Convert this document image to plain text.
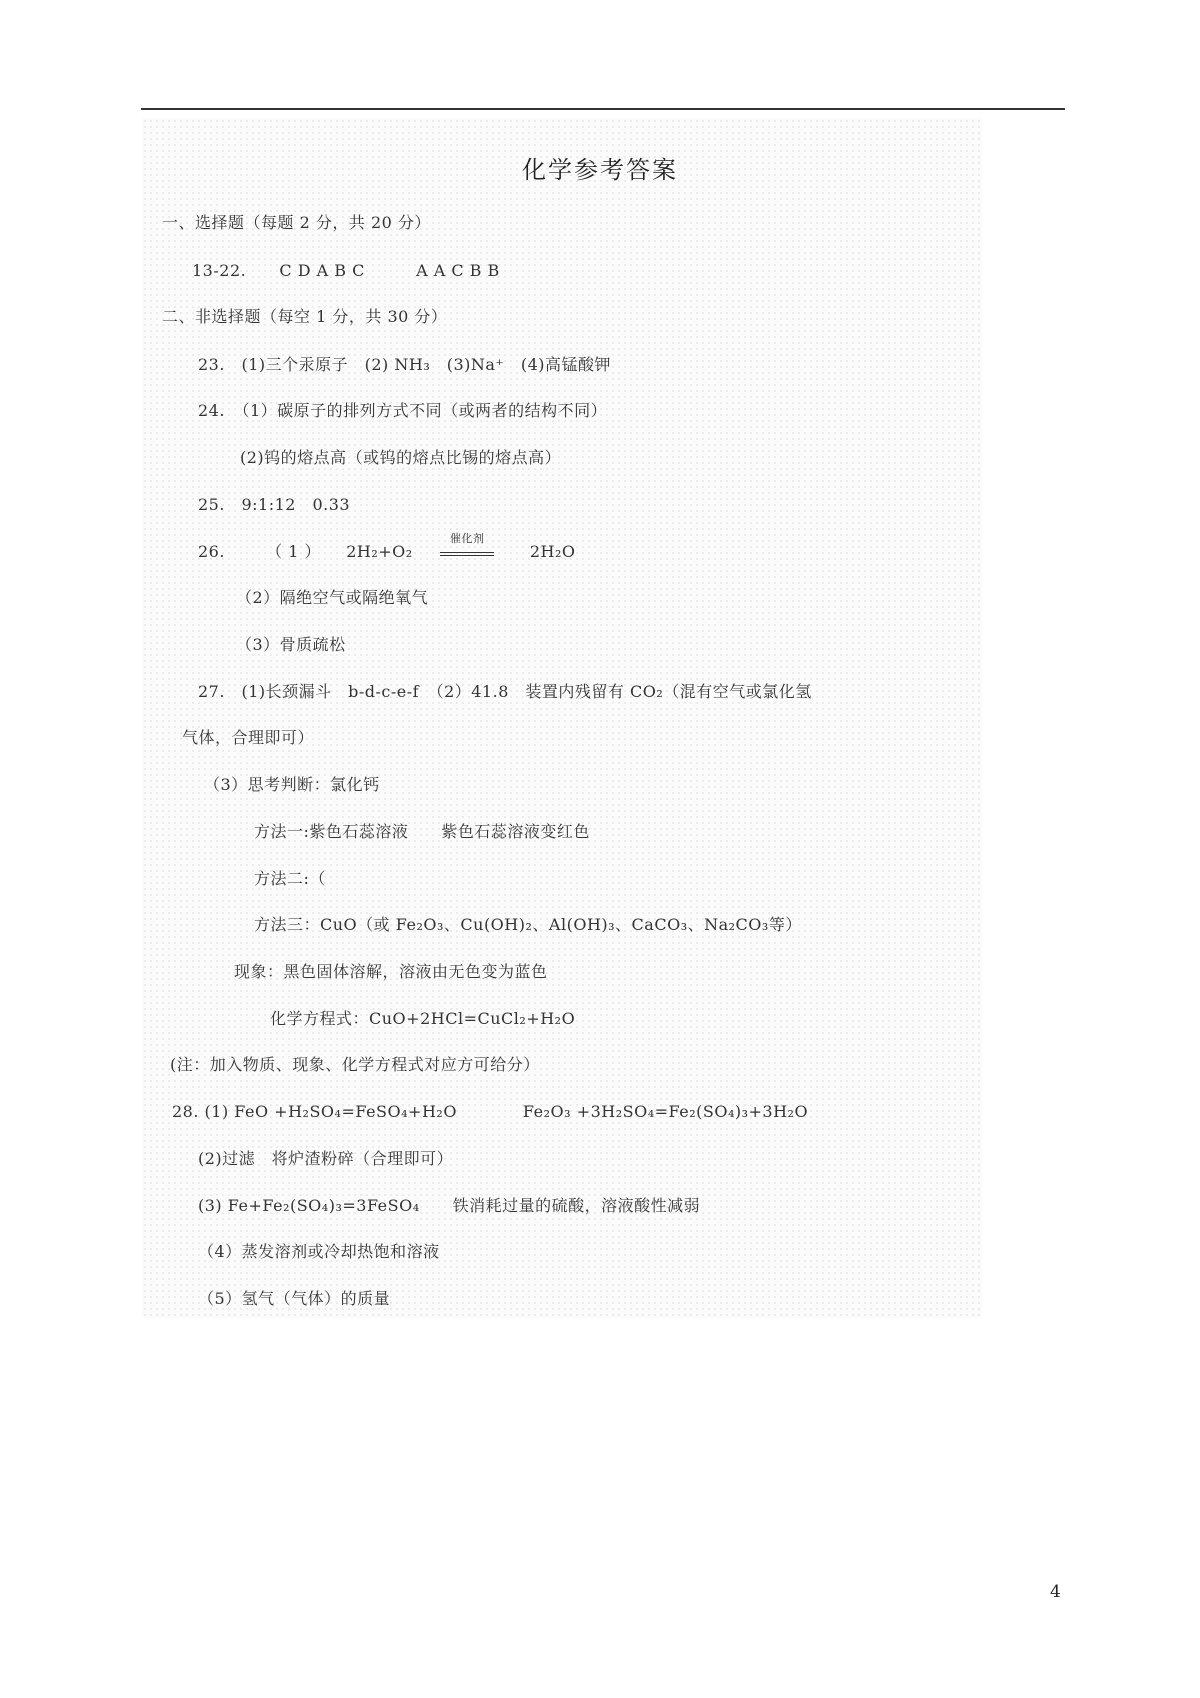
化学参考答案
一、选择题（每题 2 分，共 20 分）
13-22. C D A B C	A A C B B
二、非选择题（每空 1 分，共 30 分）
23.　(1)三个汞原子　(2) NH₃　(3)Na⁺　(4)高锰酸钾
24.　（1）碳原子的排列方式不同（或两者的结构不同）
(2)钨的熔点高（或钨的熔点比锡的熔点高）
25.　9:1:12　0.33
26.	（ 1 ） 2H₂+O₂
催化剂
2H₂O
（2）隔绝空气或隔绝氧气
（3）骨质疏松
27.　(1)长颈漏斗　b-d-c-e-f　（2）41.8　装置内残留有 CO₂（混有空气或氯化氢
气体，合理即可）
（3）思考判断：氯化钙
方法一:紫色石蕊溶液　　紫色石蕊溶液变红色
方法二:（
方法三：CuO（或 Fe₂O₃、Cu(OH)₂、Al(OH)₃、CaCO₃、Na₂CO₃等）
现象：黑色固体溶解，溶液由无色变为蓝色
化学方程式：CuO+2HCl=CuCl₂+H₂O
(注：加入物质、现象、化学方程式对应方可给分）
28. (1) FeO +H₂SO₄=FeSO₄+H₂O　　　　Fe₂O₃ +3H₂SO₄=Fe₂(SO₄)₃+3H₂O
(2)过滤　将炉渣粉碎（合理即可）
(3) Fe+Fe₂(SO₄)₃=3FeSO₄　　铁消耗过量的硫酸，溶液酸性减弱
（4）蒸发溶剂或冷却热饱和溶液
（5）氢气（气体）的质量
4
